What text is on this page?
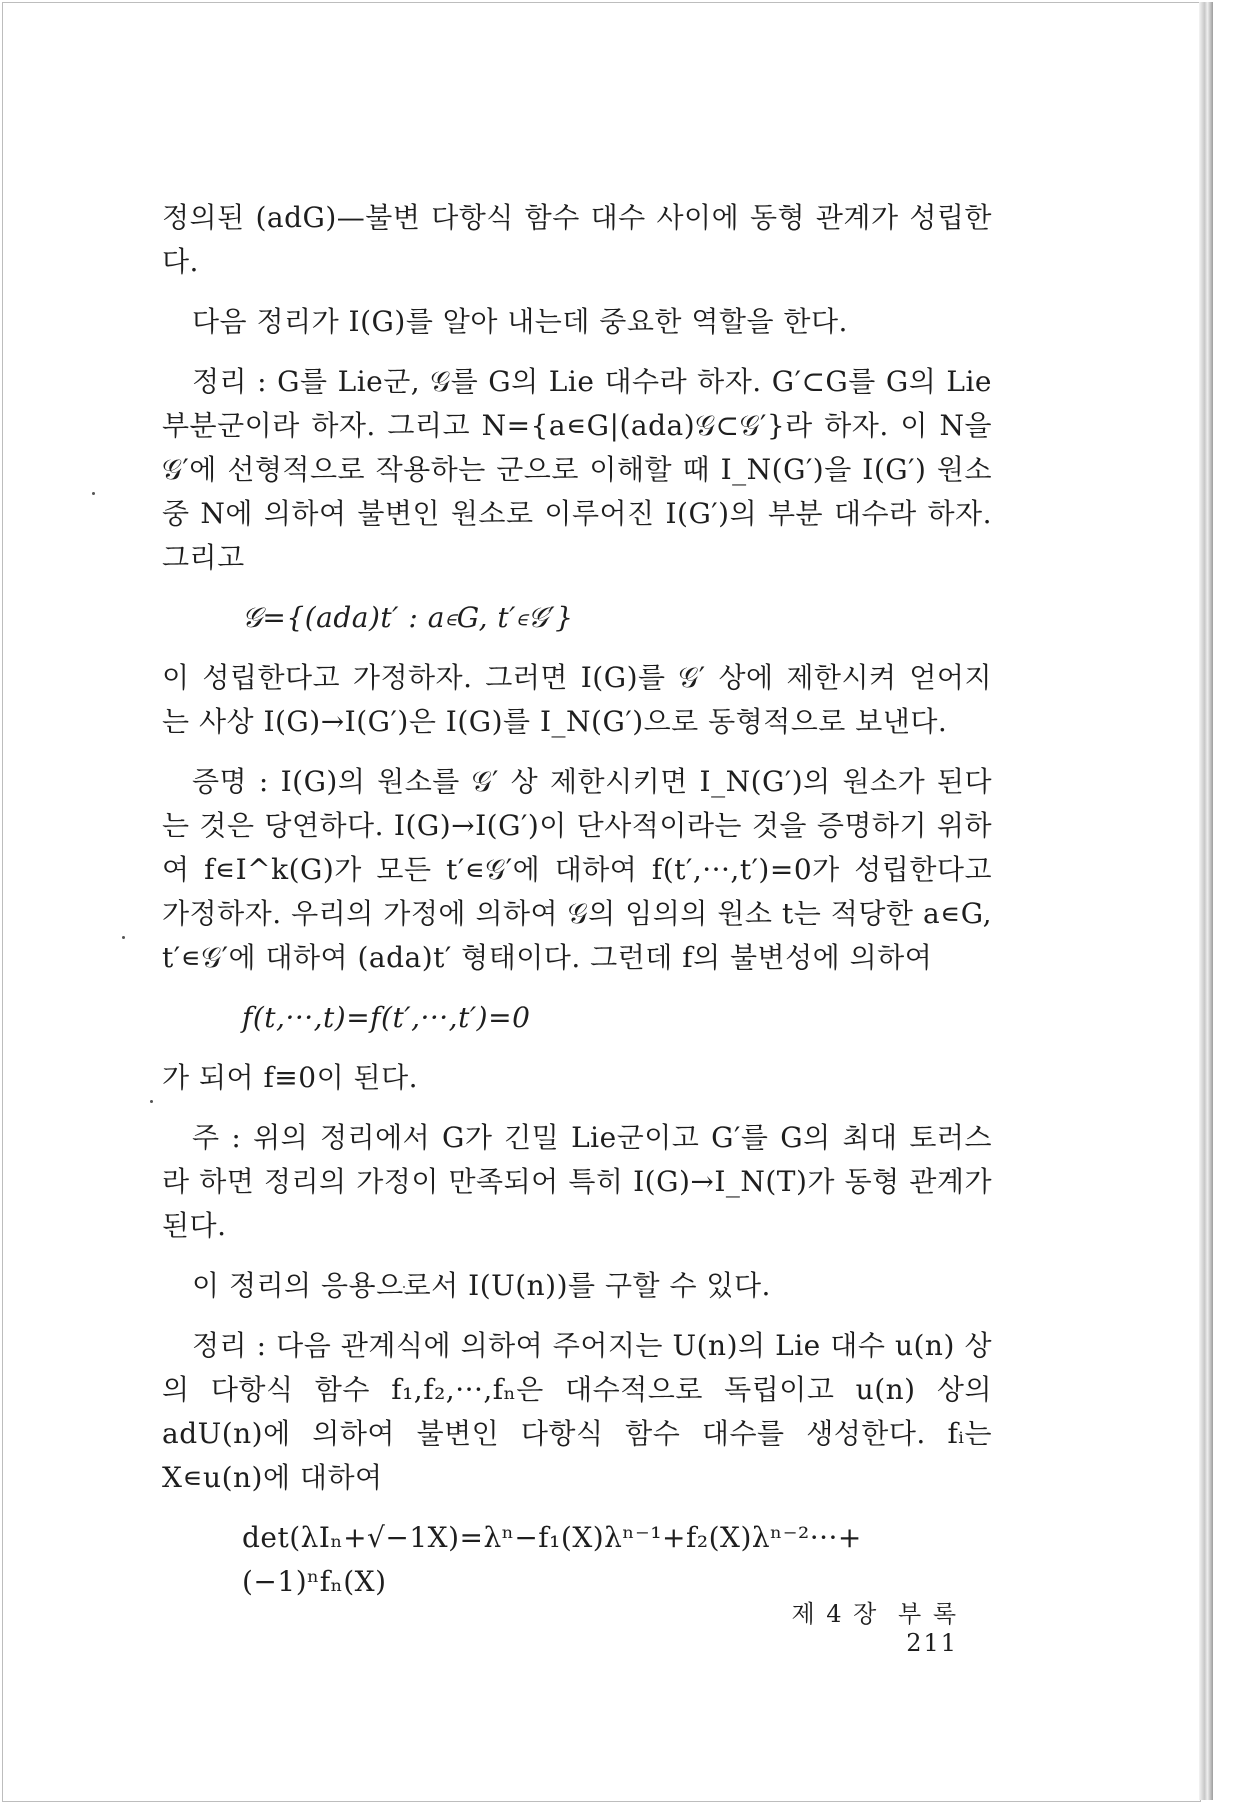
정의된 (adG)—불변 다항식 함수 대수 사이에 동형 관계가 성립한다.

다음 정리가 I(G)를 알아 내는데 중요한 역할을 한다.

정리 : G를 Lie군, 𝒢를 G의 Lie 대수라 하자. G′⊂G를 G의 Lie 부분군이라 하자. 그리고 N={a∊G|(ada)𝒢⊂𝒢′}라 하자. 이 N을 𝒢′에 선형적으로 작용하는 군으로 이해할 때 I_N(G′)을 I(G′) 원소중 N에 의하여 불변인 원소로 이루어진 I(G′)의 부분 대수라 하자. 그리고

𝒢={(ada)t′ : a∊G, t′∊𝒢′}

이 성립한다고 가정하자. 그러면 I(G)를 𝒢′ 상에 제한시켜 얻어지는 사상 I(G)→I(G′)은 I(G)를 I_N(G′)으로 동형적으로 보낸다.

증명 : I(G)의 원소를 𝒢′ 상 제한시키면 I_N(G′)의 원소가 된다는 것은 당연하다. I(G)→I(G′)이 단사적이라는 것을 증명하기 위하여 f∊I^k(G)가 모든 t′∊𝒢′에 대하여 f(t′,···,t′)=0가 성립한다고 가정하자. 우리의 가정에 의하여 𝒢의 임의의 원소 t는 적당한 a∊G, t′∊𝒢′에 대하여 (ada)t′ 형태이다. 그런데 f의 불변성에 의하여

f(t,···,t)=f(t′,···,t′)=0

가 되어 f≡0이 된다.

주 : 위의 정리에서 G가 긴밀 Lie군이고 G′를 G의 최대 토러스라 하면 정리의 가정이 만족되어 특히 I(G)→I_N(T)가 동형 관계가 된다.

이 정리의 응용으로서 I(U(n))를 구할 수 있다.

정리 : 다음 관계식에 의하여 주어지는 U(n)의 Lie 대수 u(n) 상의 다항식 함수 f₁,f₂,···,fₙ은 대수적으로 독립이고 u(n) 상의 adU(n)에 의하여 불변인 다항식 함수 대수를 생성한다. fᵢ는 X∊u(n)에 대하여

det(λIₙ+√−1X)=λⁿ−f₁(X)λⁿ⁻¹+f₂(X)λⁿ⁻²···+(−1)ⁿfₙ(X)

제 4 장 부 록 211
